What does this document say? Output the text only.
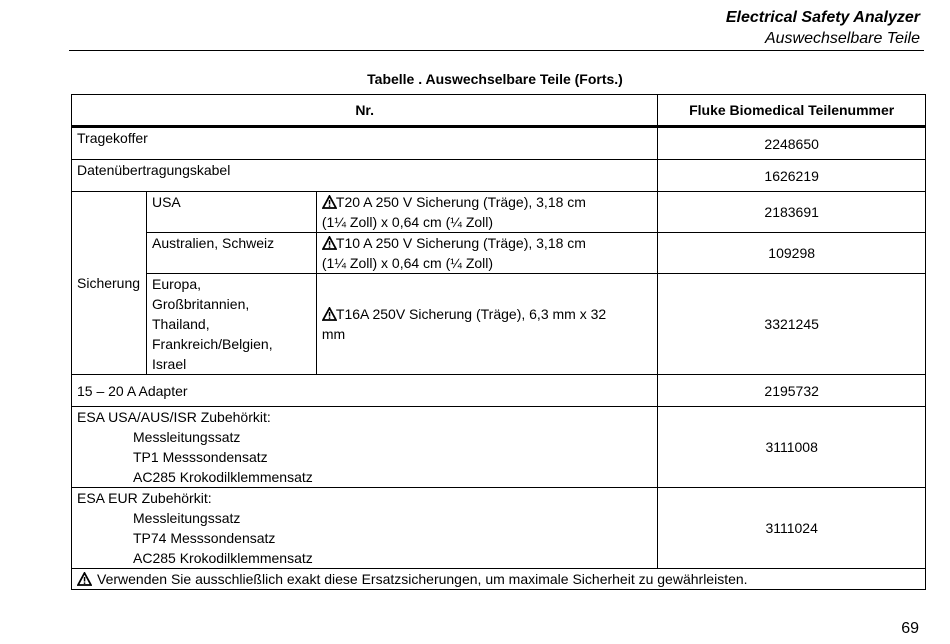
Electrical Safety Analyzer
Auswechselbare Teile
Tabelle . Auswechselbare Teile (Forts.)
Nr.			Fluke Biomedical Teilenummer
Tragekoffer			2248650
Datenübertragungskabel			1626219
Sicherung	USA	T20 A 250 V Sicherung (Träge), 3,18 cm
(1¼ Zoll) x 0,64 cm (¼ Zoll)	2183691
	Australien, Schweiz	T10 A 250 V Sicherung (Träge), 3,18 cm
(1¼ Zoll) x 0,64 cm (¼ Zoll)	109298
	Europa,
Großbritannien,
Thailand,
Frankreich/Belgien,
Israel	T16A 250V Sicherung (Träge), 6,3 mm x 32
mm	3321245
15 – 20 A Adapter			2195732
ESA USA/AUS/ISR Zubehörkit:
Messleitungssatz
TP1 Messsondensatz
AC285 Krokodilklemmensatz			3111008
ESA EUR Zubehörkit:
Messleitungssatz
TP74 Messsondensatz
AC285 Krokodilklemmensatz			3111024

Verwenden Sie ausschließlich exakt diese Ersatzsicherungen, um maximale Sicherheit zu gewährleisten.			
69
